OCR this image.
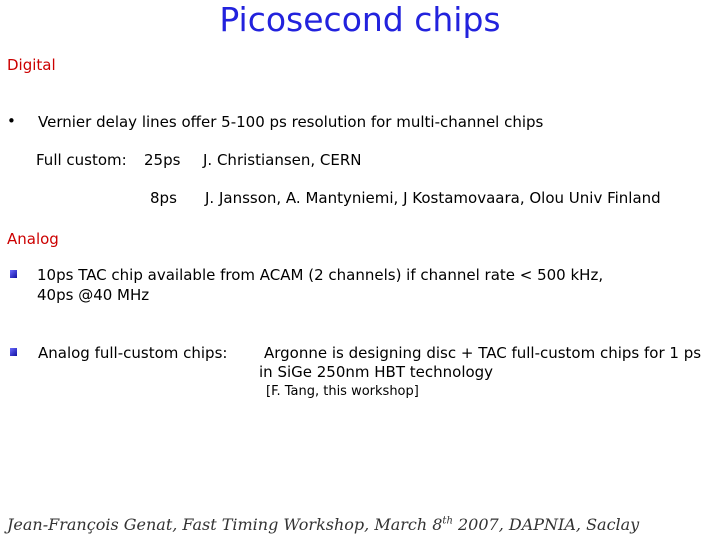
Picosecond chips
Digital
• Vernier delay lines offer 5-100 ps resolution for multi-channel chips
Full custom: 25ps J. Christiansen, CERN
8ps J. Jansson, A. Mantyniemi, J Kostamovaara, Olou Univ Finland
Analog
10ps TAC chip available from ACAM (2 channels) if channel rate < 500 kHz,
40ps @40 MHz
Analog full-custom chips: Argonne is designing disc + TAC full-custom chips for 1 ps
in SiGe 250nm HBT technology
[F. Tang, this workshop]
Jean-François Genat, Fast Timing Workshop, March 8th 2007, DAPNIA, Saclay
